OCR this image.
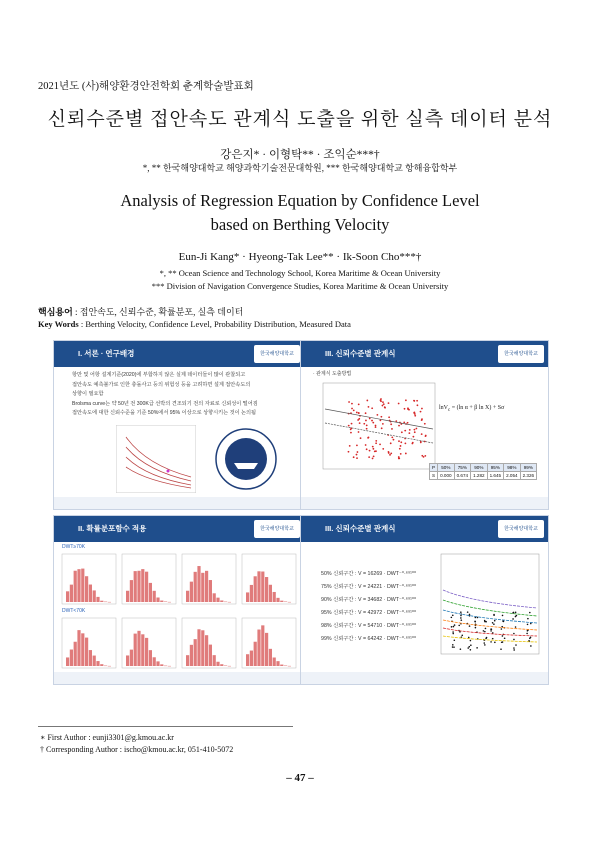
2021년도 (사)해양환경안전학회 춘계학술발표회
신뢰수준별 접안속도 관계식 도출을 위한 실측 데이터 분석
강은지* · 이형탁** · 조익순***†
*, ** 한국해양대학교 해양과학기술전문대학원, *** 한국해양대학교 항해융합학부
Analysis of Regression Equation by Confidence Level
based on Berthing Velocity
Eun-Ji Kang* · Hyeong-Tak Lee** · Ik-Soon Cho***†
*, ** Ocean Science and Technology School, Korea Maritime & Ocean University
*** Division of Navigation Convergence Studies, Korea Maritime & Ocean University
핵심용어 : 접안속도, 신뢰수준, 확률분포, 실측 데이터
Key Words : Berthing Velocity, Confidence Level, Probability Distribution, Measured Data
I. 서론 · 연구배경	한국해양대학교
항만 및 어항 설계기준(2020)에 부합하지 않은 실제 데이터들이 많이 관찰되고
접안속도 예측불가로 인한 충돌사고 등의 위험성 등을 고려하면 설계 접안속도의
상향이 필요함
Brolsma curve는 약 50년 전 300K급 선박의 견조되기 전의 자료로 신뢰성이 떨어짐
접안속도에 대한 신뢰수준을 기준 50%에서 95% 이상으로 상향시키는 것이 논의됨
III. 신뢰수준별 관계식	한국해양대학교
· 관계식 도출방법
lnV$_c$ = (ln α + β ln X) + Sσ
P	50%	75%	90%	95%	98%	99%
S	0.000	0.674	1.282	1.645	2.054	2.326
II. 확률분포함수 적용	한국해양대학교
DWT≥70K
DWT<70K
III. 신뢰수준별 관계식	한국해양대학교
50% 신뢰구간 : V = 16269 · DWT⁻⁰·⁶⁹¹⁰⁰
75% 신뢰구간 : V = 24221 · DWT⁻⁰·⁶⁹¹⁰⁰
90% 신뢰구간 : V = 34682 · DWT⁻⁰·⁶⁹¹⁰⁰
95% 신뢰구간 : V = 42972 · DWT⁻⁰·⁶⁹¹⁰⁰
98% 신뢰구간 : V = 54710 · DWT⁻⁰·⁶⁹¹⁰⁰
99% 신뢰구간 : V = 64242 · DWT⁻⁰·⁶⁹¹⁰⁰
∗ First Author : eunji3301@g.kmou.ac.kr
† Corresponding Author : ischo@kmou.ac.kr, 051-410-5072
– 47 –
